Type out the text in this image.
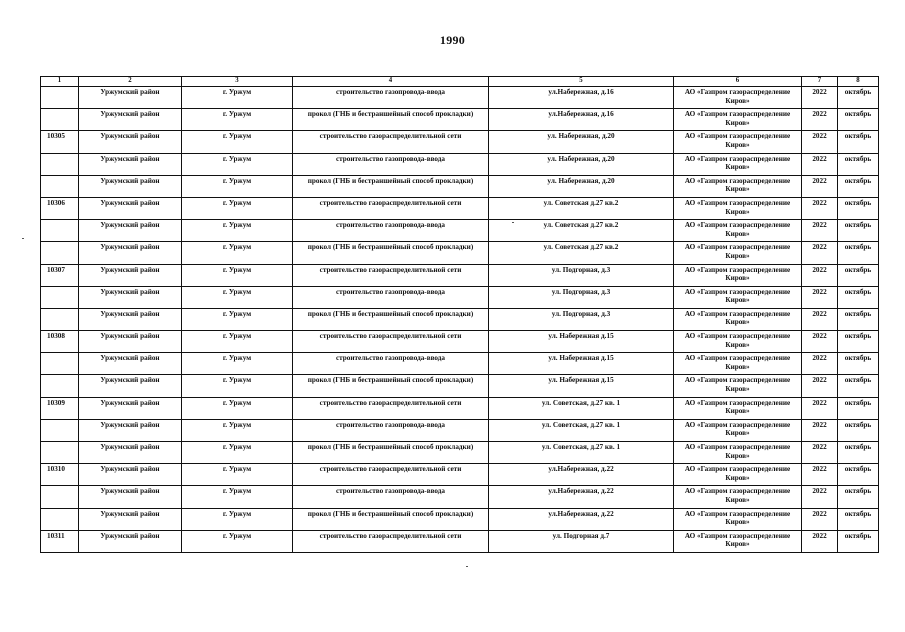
1990
1	2	3	4	5	6	7	8
	Уржумский район	г. Уржум	строительство газопровода-ввода	ул.Набережная, д.16	АО «Газпром газораспределение Киров»	2022	октябрь
	Уржумский район	г. Уржум	прокол (ГНБ и бестраншейный способ прокладки)	ул.Набережная, д.16	АО «Газпром газораспределение Киров»	2022	октябрь
10305	Уржумский район	г. Уржум	строительство газораспределительной сети	ул. Набережная, д.20	АО «Газпром газораспределение Киров»	2022	октябрь
	Уржумский район	г. Уржум	строительство газопровода-ввода	ул. Набережная, д.20	АО «Газпром газораспределение Киров»	2022	октябрь
	Уржумский район	г. Уржум	прокол (ГНБ и бестраншейный способ прокладки)	ул. Набережная, д.20	АО «Газпром газораспределение Киров»	2022	октябрь
10306	Уржумский район	г. Уржум	строительство газораспределительной сети	ул. Советская д.27 кв.2	АО «Газпром газораспределение Киров»	2022	октябрь
	Уржумский район	г. Уржум	строительство газопровода-ввода	ул. Советская д.27 кв.2	АО «Газпром газораспределение Киров»	2022	октябрь
	Уржумский район	г. Уржум	прокол (ГНБ и бестраншейный способ прокладки)	ул. Советская д.27 кв.2	АО «Газпром газораспределение Киров»	2022	октябрь
10307	Уржумский район	г. Уржум	строительство газораспределительной сети	ул. Подгорная, д.3	АО «Газпром газораспределение Киров»	2022	октябрь
	Уржумский район	г. Уржум	строительство газопровода-ввода	ул. Подгорная, д.3	АО «Газпром газораспределение Киров»	2022	октябрь
	Уржумский район	г. Уржум	прокол (ГНБ и бестраншейный способ прокладки)	ул. Подгорная, д.3	АО «Газпром газораспределение Киров»	2022	октябрь
10308	Уржумский район	г. Уржум	строительство газораспределительной сети	ул. Набережная д.15	АО «Газпром газораспределение Киров»	2022	октябрь
	Уржумский район	г. Уржум	строительство газопровода-ввода	ул. Набережная д.15	АО «Газпром газораспределение Киров»	2022	октябрь
	Уржумский район	г. Уржум	прокол (ГНБ и бестраншейный способ прокладки)	ул. Набережная д.15	АО «Газпром газораспределение Киров»	2022	октябрь
10309	Уржумский район	г. Уржум	строительство газораспределительной сети	ул. Советская, д.27 кв. 1	АО «Газпром газораспределение Киров»	2022	октябрь
	Уржумский район	г. Уржум	строительство газопровода-ввода	ул. Советская, д.27 кв. 1	АО «Газпром газораспределение Киров»	2022	октябрь
	Уржумский район	г. Уржум	прокол (ГНБ и бестраншейный способ прокладки)	ул. Советская, д.27 кв. 1	АО «Газпром газораспределение Киров»	2022	октябрь
10310	Уржумский район	г. Уржум	строительство газораспределительной сети	ул.Набережная, д.22	АО «Газпром газораспределение Киров»	2022	октябрь
	Уржумский район	г. Уржум	строительство газопровода-ввода	ул.Набережная, д.22	АО «Газпром газораспределение Киров»	2022	октябрь
	Уржумский район	г. Уржум	прокол (ГНБ и бестраншейный способ прокладки)	ул.Набережная, д.22	АО «Газпром газораспределение Киров»	2022	октябрь
10311	Уржумский район	г. Уржум	строительство газораспределительной сети	ул. Подгорная д.7	АО «Газпром газораспределение Киров»	2022	октябрь
